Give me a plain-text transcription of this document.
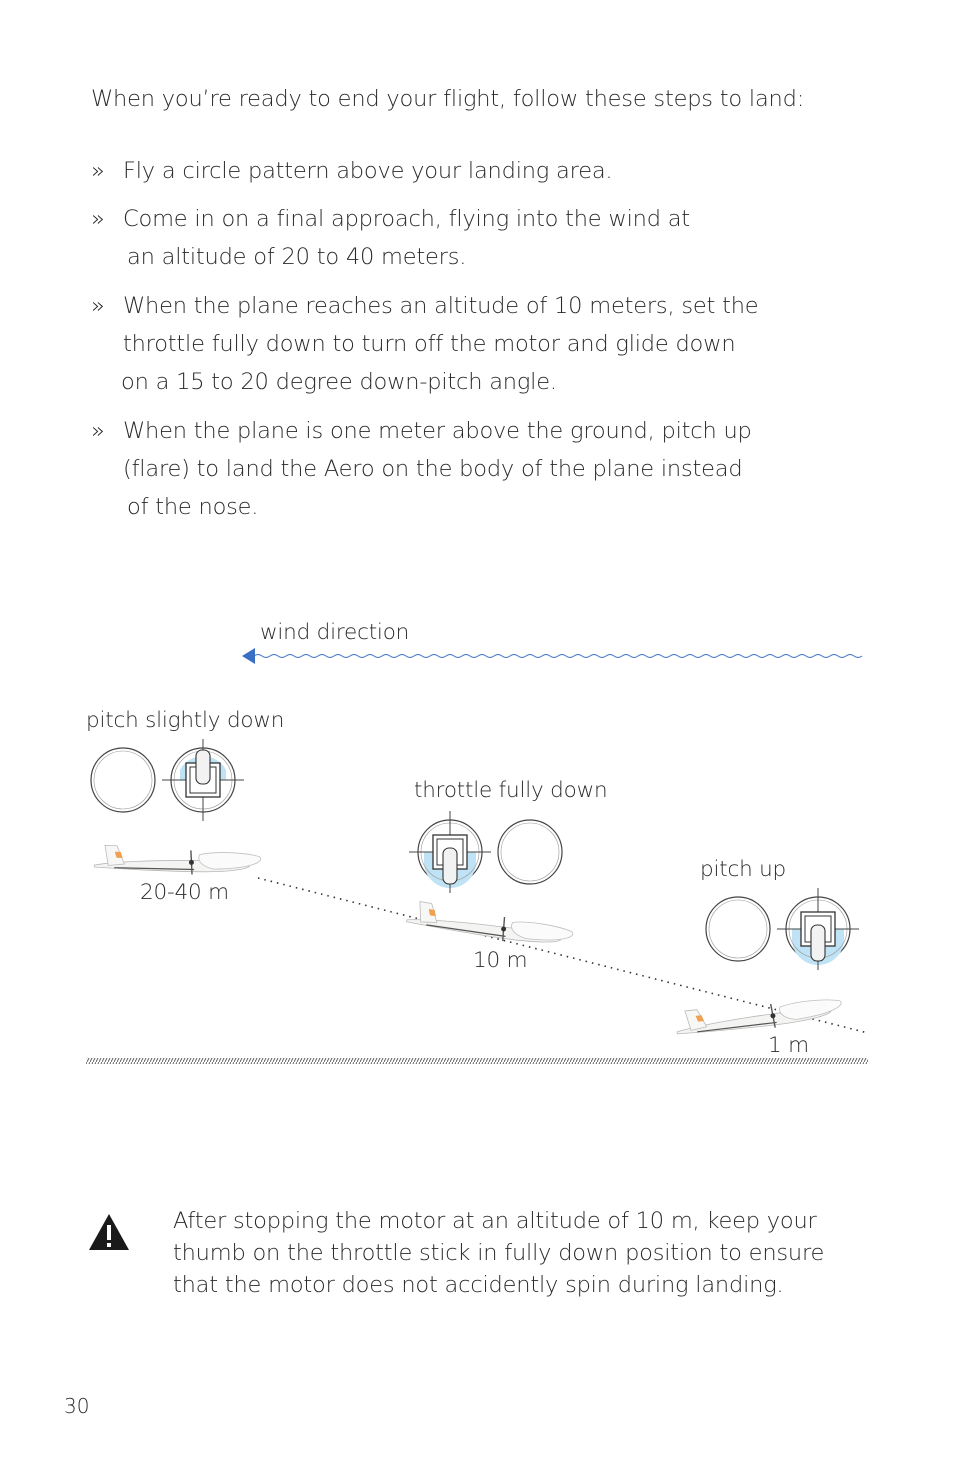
When you’re ready to end your flight, follow these steps to land:
» Fly a circle pattern above your landing area.
» Come in on a final approach, flying into the wind at
an altitude of 20 to 40 meters.
» When the plane reaches an altitude of 10 meters, set the
throttle fully down to turn off the motor and glide down
on a 15 to 20 degree down-pitch angle.
» When the plane is one meter above the ground, pitch up
(flare) to land the Aero on the body of the plane instead
of the nose.
wind direction
pitch slightly down
throttle fully down
pitch up
20-40 m
10 m
1 m
After stopping the motor at an altitude of 10 m, keep your thumb on the throttle stick in fully down position to ensure that the motor does not accidently spin during landing.
30
